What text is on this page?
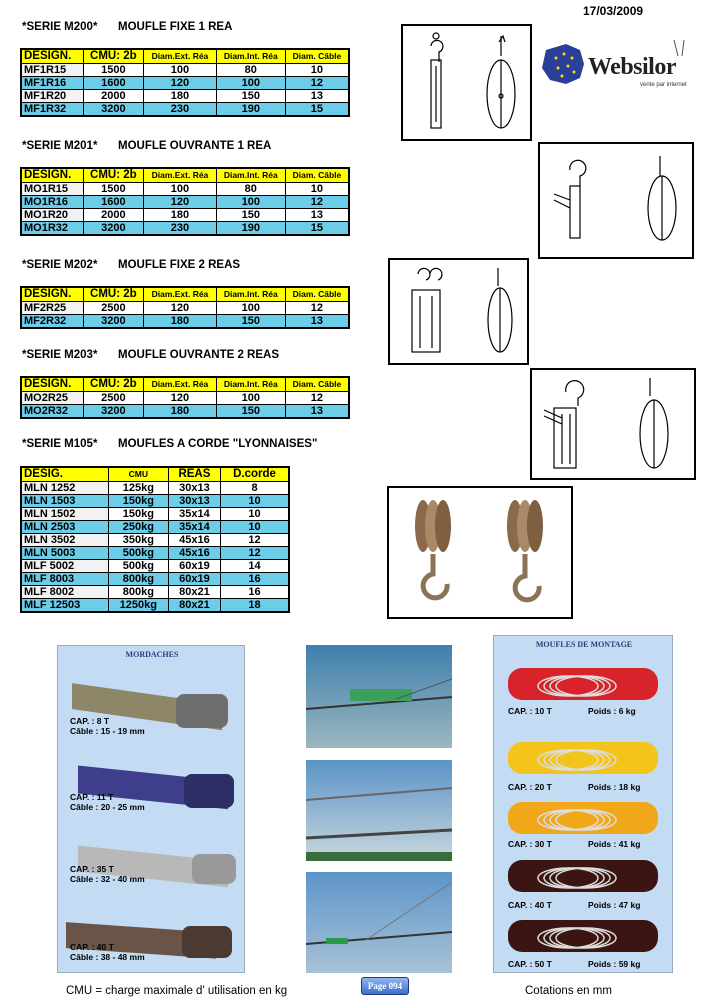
17/03/2009
Websilor
vente par internet
*SERIE M200* MOUFLE FIXE 1 REA
DESIGN.	CMU: 2b	Diam.Ext. Réa	Diam.Int. Réa	Diam. Câble
MF1R15	1500	100	80	10
MF1R16	1600	120	100	12
MF1R20	2000	180	150	13
MF1R32	3200	230	190	15
*SERIE M201* MOUFLE OUVRANTE 1 REA
DESIGN.	CMU: 2b	Diam.Ext. Réa	Diam.Int. Réa	Diam. Câble
MO1R15	1500	100	80	10
MO1R16	1600	120	100	12
MO1R20	2000	180	150	13
MO1R32	3200	230	190	15
*SERIE M202* MOUFLE FIXE 2 REAS
DESIGN.	CMU: 2b	Diam.Ext. Réa	Diam.Int. Réa	Diam. Câble
MF2R25	2500	120	100	12
MF2R32	3200	180	150	13
*SERIE M203* MOUFLE OUVRANTE 2 REAS
DESIGN.	CMU: 2b	Diam.Ext. Réa	Diam.Int. Réa	Diam. Câble
MO2R25	2500	120	100	12
MO2R32	3200	180	150	13
*SERIE M105* MOUFLES A CORDE "LYONNAISES"
DESIG.	CMU	REAS	D.corde
MLN 1252	125kg	30x13	8
MLN 1503	150kg	30x13	10
MLN 1502	150kg	35x14	10
MLN 2503	250kg	35x14	10
MLN 3502	350kg	45x16	12
MLN 5003	500kg	45x16	12
MLF 5002	500kg	60x19	14
MLF 8003	800kg	60x19	16
MLF 8002	800kg	80x21	16
MLF 12503	1250kg	80x21	18
MORDACHES
CAP. : 8 T
Câble : 15 - 19 mm
CAP. : 11 T
Câble : 20 - 25 mm
CAP. : 35 T
Câble : 32 - 40 mm
CAP. : 40 T
Câble : 38 - 48 mm
MOUFLES DE MONTAGE
CAP. : 10 T	Poids : 6 kg
CAP. : 20 T	Poids : 18 kg
CAP. : 30 T	Poids : 41 kg
CAP. : 40 T	Poids : 47 kg
CAP. : 50 T	Poids : 59 kg
CMU = charge maximale d' utilisation en kg	Page 094	Cotations en mm
